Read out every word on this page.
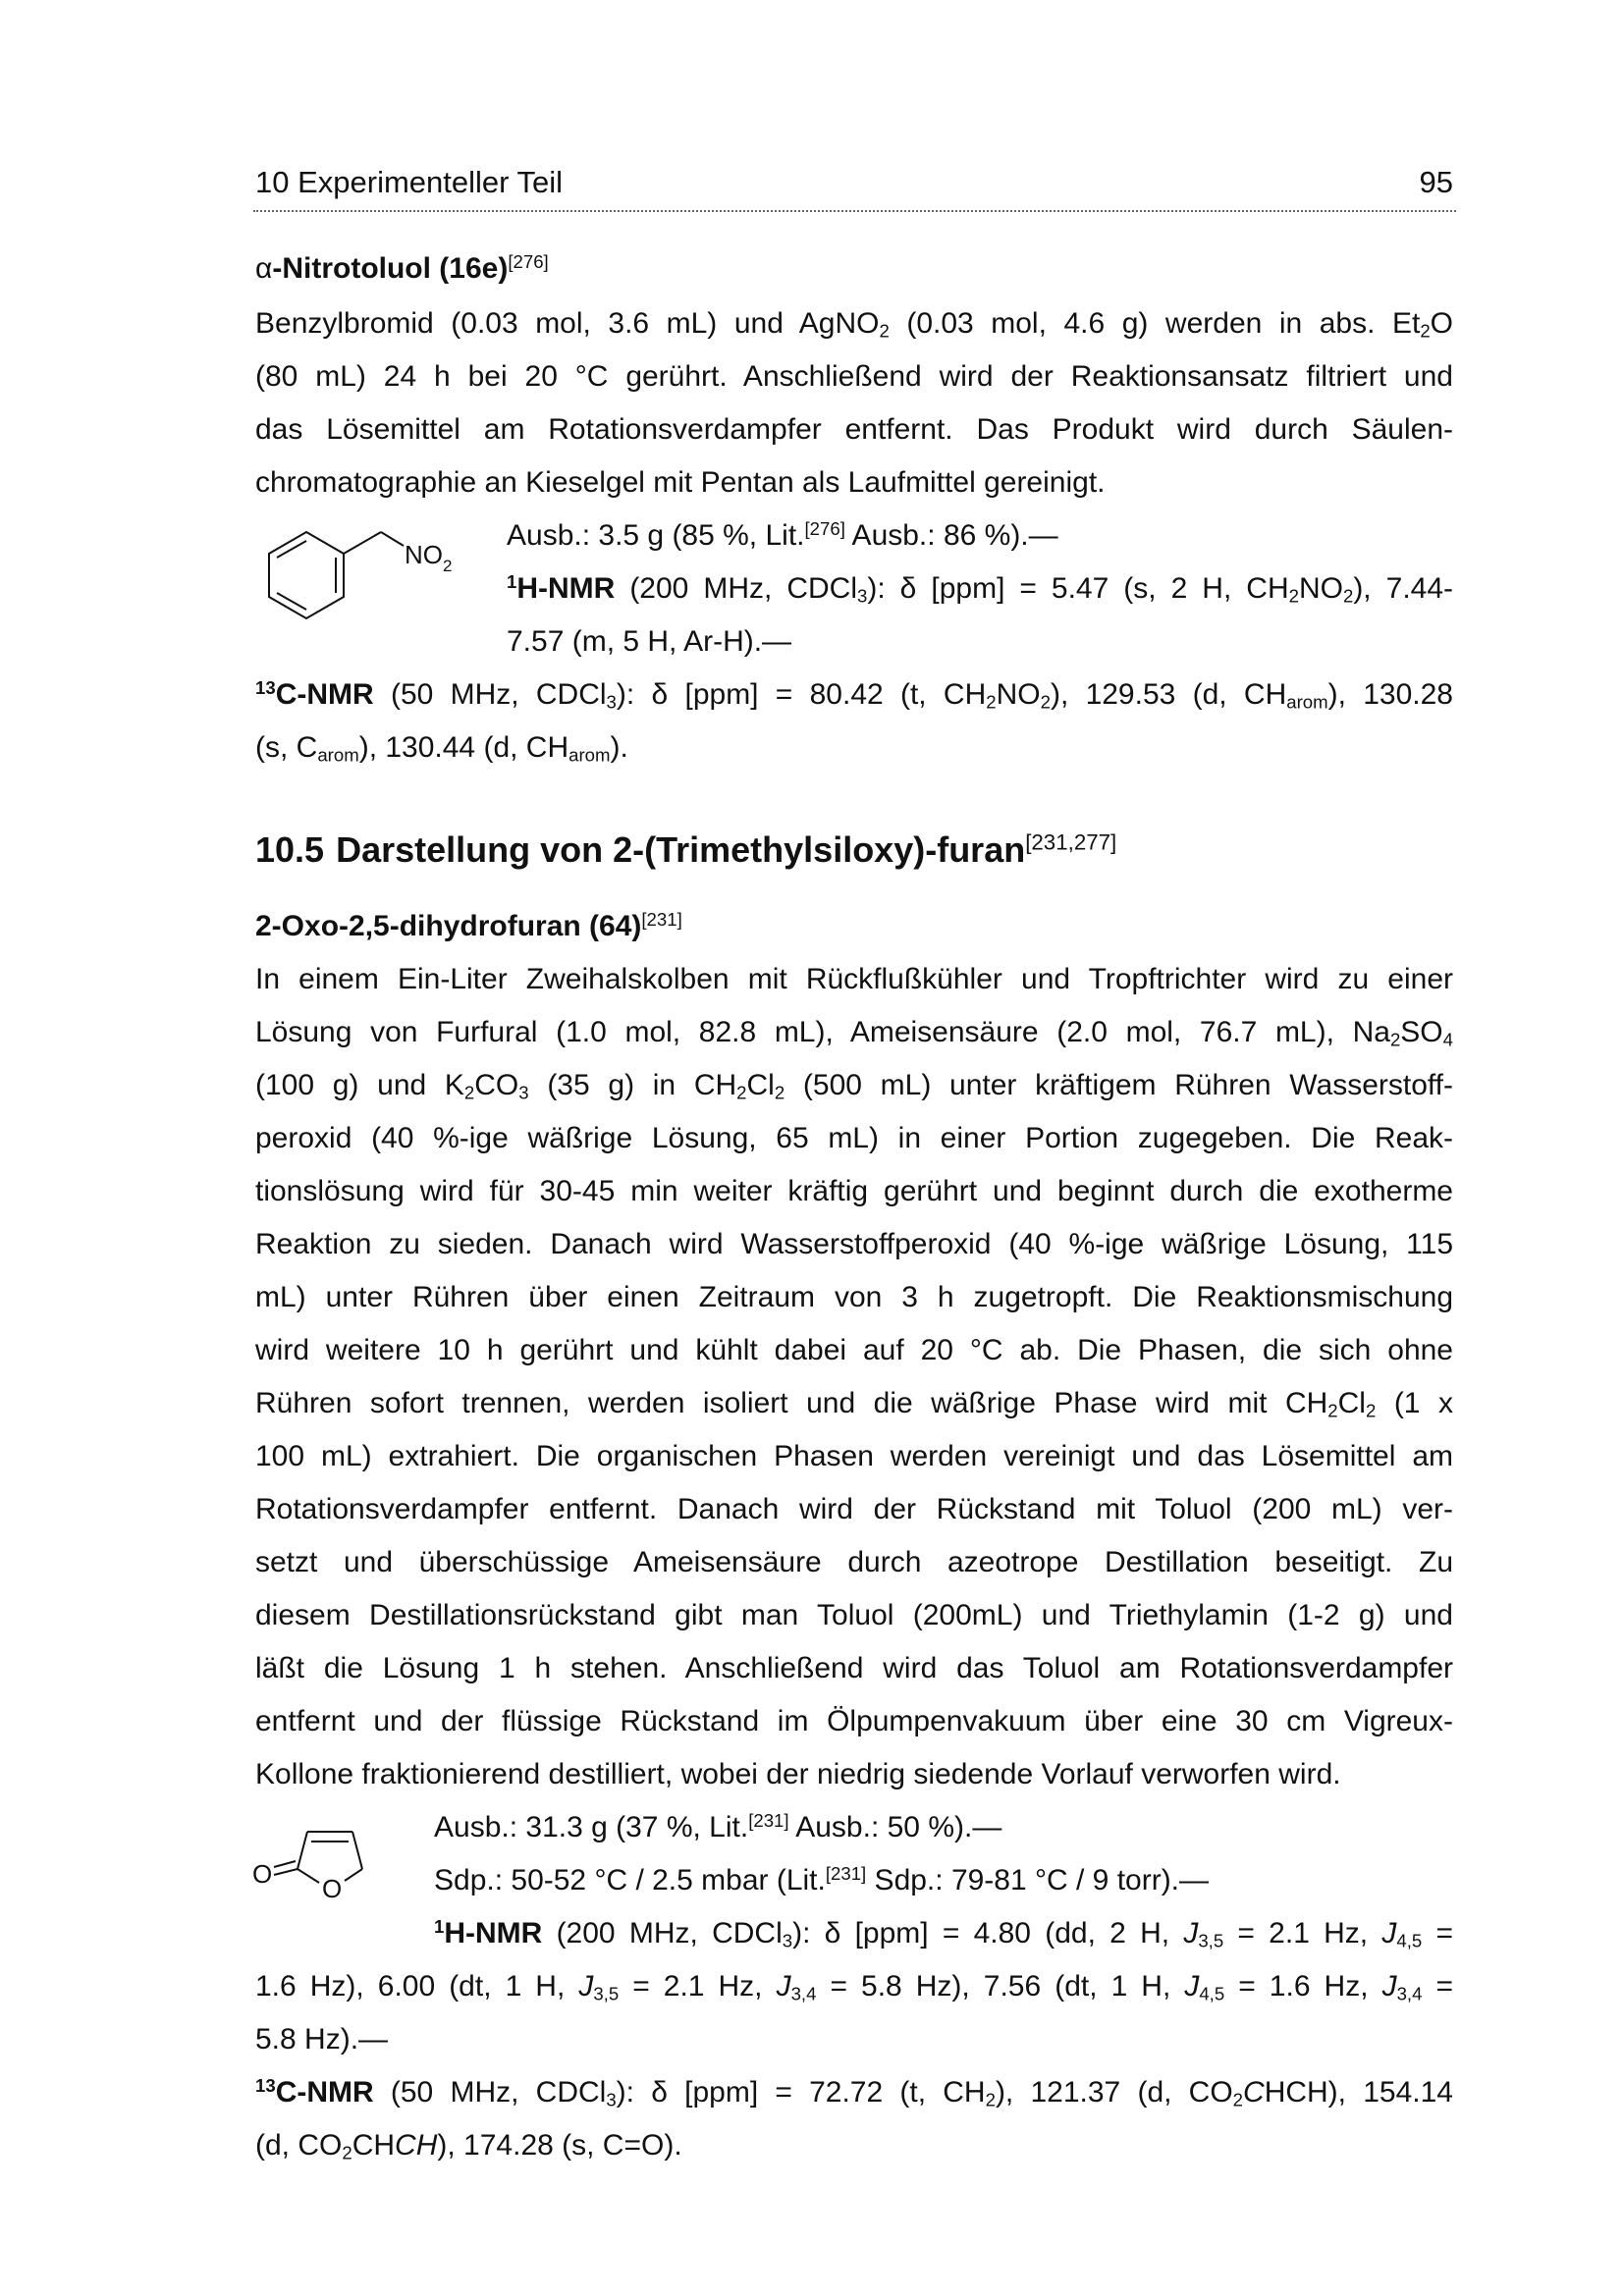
10 Experimenteller Teil	95
α-Nitrotoluol (16e)[276]
Benzylbromid (0.03 mol, 3.6 mL) und AgNO$_2$ (0.03 mol, 4.6 g) werden in abs. $Et_2O$
(80 mL) 24 h bei 20 °C gerührt. Anschließend wird der Reaktionsansatz filtriert und
das Lösemittel am Rotationsverdampfer entfernt. Das Produkt wird durch Säulen-
chromatographie an Kieselgel mit Pentan als Laufmittel gereinigt.
$NO_2$
Ausb.: 3.5 g (85 %, Lit.[276] Ausb.: 86 %).—
$^1$H-NMR (200 MHz, CDCl$_3$): δ [ppm] = 5.47 (s, 2 H, $CH_2NO_2$), 7.44-
7.57 (m, 5 H, Ar-H).—
$^{13}$C-NMR (50 MHz, CDCl$_3$): δ [ppm] = 80.42 (t, $CH_2NO_2$), 129.53 (d, $CH_{arom}$), 130.28
(s, $C_{arom}$), 130.44 (d, $CH_{arom}$).
10.5 Darstellung von 2-(Trimethylsiloxy)-furan[231,277]
2-Oxo-2,5-dihydrofuran (64)[231]
In einem Ein-Liter Zweihalskolben mit Rückflußkühler und Tropftrichter wird zu einer
Lösung von Furfural (1.0 mol, 82.8 mL), Ameisensäure (2.0 mol, 76.7 mL), $Na_2SO_4$
(100 g) und $K_2CO_3$ (35 g) in $CH_2Cl_2$ (500 mL) unter kräftigem Rühren Wasserstoff-
peroxid (40 %-ige wäßrige Lösung, 65 mL) in einer Portion zugegeben. Die Reak-
tionslösung wird für 30-45 min weiter kräftig gerührt und beginnt durch die exotherme
Reaktion zu sieden. Danach wird Wasserstoffperoxid (40 %-ige wäßrige Lösung, 115
mL) unter Rühren über einen Zeitraum von 3 h zugetropft. Die Reaktionsmischung
wird weitere 10 h gerührt und kühlt dabei auf 20 °C ab. Die Phasen, die sich ohne
Rühren sofort trennen, werden isoliert und die wäßrige Phase wird mit $CH_2Cl_2$ (1 x
100 mL) extrahiert. Die organischen Phasen werden vereinigt und das Lösemittel am
Rotationsverdampfer entfernt. Danach wird der Rückstand mit Toluol (200 mL) ver-
setzt und überschüssige Ameisensäure durch azeotrope Destillation beseitigt. Zu
diesem Destillationsrückstand gibt man Toluol (200mL) und Triethylamin (1-2 g) und
läßt die Lösung 1 h stehen. Anschließend wird das Toluol am Rotationsverdampfer
entfernt und der flüssige Rückstand im Ölpumpenvakuum über eine 30 cm Vigreux-
Kollone fraktionierend destilliert, wobei der niedrig siedende Vorlauf verworfen wird.
O O
Ausb.: 31.3 g (37 %, Lit.[231] Ausb.: 50 %).—
Sdp.: 50-52 °C / 2.5 mbar (Lit.[231] Sdp.: 79-81 °C / 9 torr).—
$^1$H-NMR (200 MHz, CDCl$_3$): δ [ppm] = 4.80 (dd, 2 H, $J_{3,5} = 2.1$ Hz, $J_{4,5}$ =
1.6 Hz), 6.00 (dt, 1 H, $J_{3,5} = 2.1$ Hz, $J_{3,4} = 5.8$ Hz), 7.56 (dt, 1 H, $J_{4,5} = 1.6$ Hz, $J_{3,4}$ =
5.8 Hz).—
$^{13}$C-NMR (50 MHz, CDCl$_3$): δ [ppm] = 72.72 (t, $CH_2$), 121.37 (d, $CO_2CHCH$), 154.14
(d, $CO_2CHCH$), 174.28 (s, C=O).
